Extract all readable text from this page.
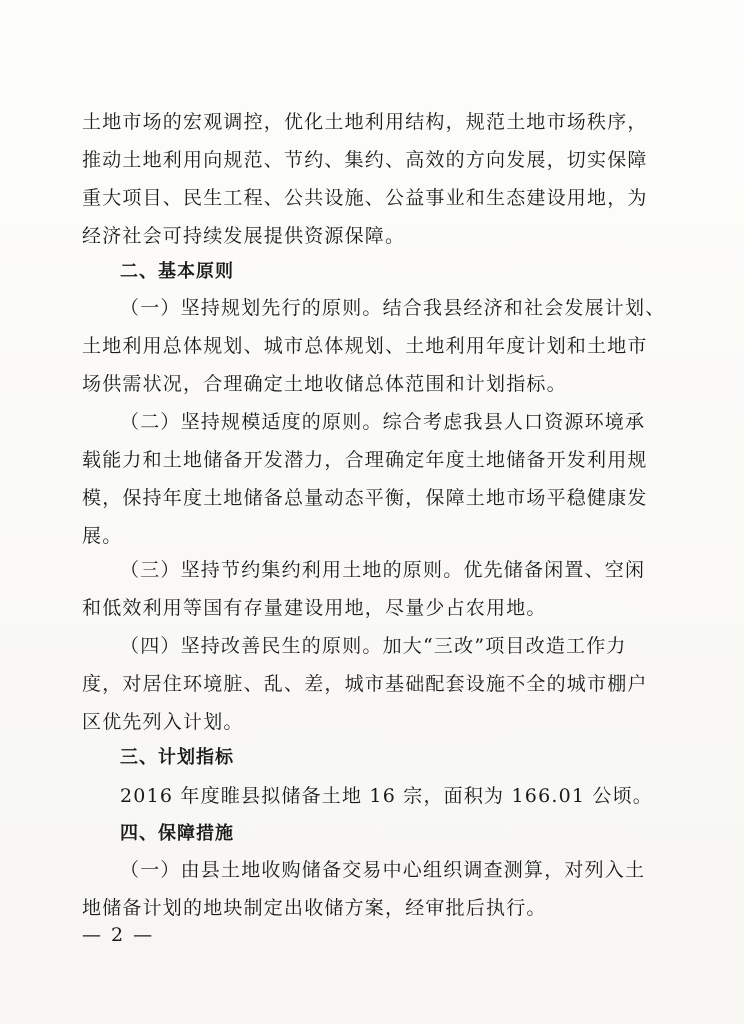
土地市场的宏观调控，优化土地利用结构，规范土地市场秩序，
推动土地利用向规范、节约、集约、高效的方向发展，切实保障
重大项目、民生工程、公共设施、公益事业和生态建设用地，为
经济社会可持续发展提供资源保障。
二、基本原则
（一）坚持规划先行的原则。结合我县经济和社会发展计划、
土地利用总体规划、城市总体规划、土地利用年度计划和土地市
场供需状况，合理确定土地收储总体范围和计划指标。
（二）坚持规模适度的原则。综合考虑我县人口资源环境承
载能力和土地储备开发潜力，合理确定年度土地储备开发利用规
模，保持年度土地储备总量动态平衡，保障土地市场平稳健康发
展。
（三）坚持节约集约利用土地的原则。优先储备闲置、空闲
和低效利用等国有存量建设用地，尽量少占农用地。
（四）坚持改善民生的原则。加大“三改”项目改造工作力
度，对居住环境脏、乱、差，城市基础配套设施不全的城市棚户
区优先列入计划。
三、计划指标
2016 年度睢县拟储备土地 16 宗，面积为 166.01 公顷。
四、保障措施
（一）由县土地收购储备交易中心组织调查测算，对列入土
地储备计划的地块制定出收储方案，经审批后执行。
— 2 —
